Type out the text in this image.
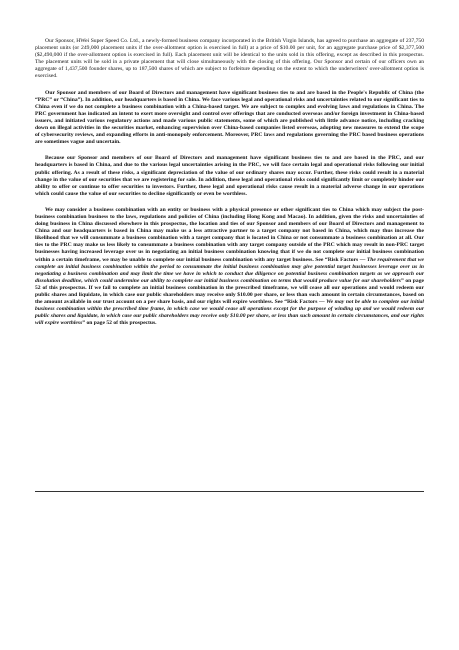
Our Sponsor, HWei Super Speed Co. Ltd., a newly-formed business company incorporated in the British Virgin Islands, has agreed to purchase an aggregate of 237,750 placement units (or 249,000 placement units if the over-allotment option is exercised in full) at a price of $10.00 per unit, for an aggregate purchase price of $2,377,500 ($2,490,000 if the over-allotment option is exercised in full). Each placement unit will be identical to the units sold in this offering, except as described in this prospectus. The placement units will be sold in a private placement that will close simultaneously with the closing of this offering. Our Sponsor and certain of our officers own an aggregate of 1,437,500 founder shares, up to 187,500 shares of which are subject to forfeiture depending on the extent to which the underwriters' over-allotment option is exercised.

Our Sponsor and members of our Board of Directors and management have significant business ties to and are based in the People's Republic of China (the “PRC” or “China”). In addition, our headquarters is based in China. We face various legal and operational risks and uncertainties related to our significant ties to China even if we do not complete a business combination with a China-based target. We are subject to complex and evolving laws and regulations in China. The PRC government has indicated an intent to exert more oversight and control over offerings that are conducted overseas and/or foreign investment in China-based issuers, and initiated various regulatory actions and made various public statements, some of which are published with little advance notice, including cracking down on illegal activities in the securities market, enhancing supervision over China-based companies listed overseas, adopting new measures to extend the scope of cybersecurity reviews, and expanding efforts in anti-monopoly enforcement. Moreover, PRC laws and regulations governing the PRC based business operations are sometimes vague and uncertain.

Because our Sponsor and members of our Board of Directors and management have significant business ties to and are based in the PRC, and our headquarters is based in China, and due to the various legal uncertainties arising in the PRC, we will face certain legal and operational risks following our initial public offering. As a result of these risks, a significant depreciation of the value of our ordinary shares may occur. Further, these risks could result in a material change in the value of our securities that we are registering for sale. In addition, these legal and operational risks could significantly limit or completely hinder our ability to offer or continue to offer securities to investors. Further, these legal and operational risks cause result in a material adverse change in our operations which could cause the value of our securities to decline significantly or even be worthless.

We may consider a business combination with an entity or business with a physical presence or other significant ties to China which may subject the post-business combination business to the laws, regulations and policies of China (including Hong Kong and Macao). In addition, given the risks and uncertainties of doing business in China discussed elsewhere in this prospectus, the location and ties of our Sponsor and members of our Board of Directors and management to China and our headquarters is based in China may make us a less attractive partner to a target company not based in China, which may thus increase the likelihood that we will consummate a business combination with a target company that is located in China or not consummate a business combination at all. Our ties to the PRC may make us less likely to consummate a business combination with any target company outside of the PRC which may result in non-PRC target businesses having increased leverage over us in negotiating an initial business combination knowing that if we do not complete our initial business combination within a certain timeframe, we may be unable to complete our initial business combination with any target business. See “Risk Factors — The requirement that we complete an initial business combination within the period to consummate the initial business combination may give potential target businesses leverage over us in negotiating a business combination and may limit the time we have in which to conduct due diligence on potential business combination targets as we approach our dissolution deadline, which could undermine our ability to complete our initial business combination on terms that would produce value for our shareholders” on page 52 of this prospectus. If we fail to complete an initial business combination in the prescribed timeframe, we will cease all our operations and would redeem our public shares and liquidate, in which case our public shareholders may receive only $10.00 per share, or less than such amount in certain circumstances, based on the amount available in our trust account on a per share basis, and our rights will expire worthless. See “Risk Factors — We may not be able to complete our initial business combination within the prescribed time frame, in which case we would cease all operations except for the purpose of winding up and we would redeem our public shares and liquidate, in which case our public shareholders may receive only $10.00 per share, or less than such amount in certain circumstances, and our rights will expire worthless” on page 52 of this prospectus.
